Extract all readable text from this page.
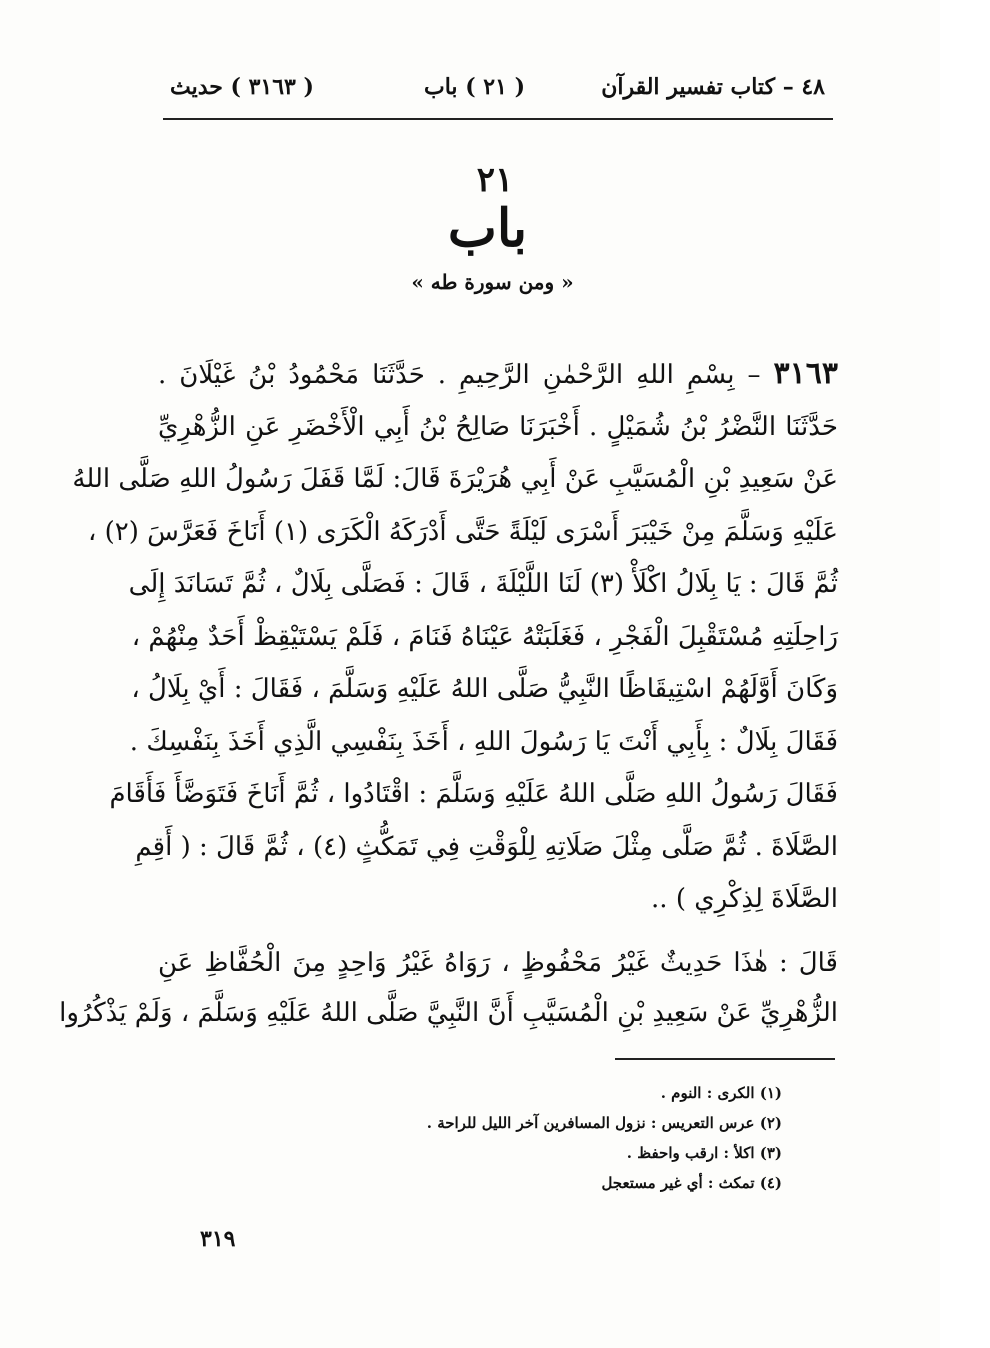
٤٨ – كتاب تفسير القرآن
( ٢١ ) باب
( ٣١٦٣ ) حديث
٢١
باب
« ومن سورة طه »
٣١٦٣ – بِسْمِ اللهِ الرَّحْمٰنِ الرَّحِيمِ . حَدَّثَنَا مَحْمُودُ بْنُ غَيْلَانَ .
حَدَّثَنَا النَّضْرُ بْنُ شُمَيْلٍ . أَخْبَرَنَا صَالِحُ بْنُ أَبِي الْأَخْضَرِ عَنِ الزُّهْرِيِّ
عَنْ سَعِيدِ بْنِ الْمُسَيَّبِ عَنْ أَبِي هُرَيْرَةَ قَالَ: لَمَّا قَفَلَ رَسُولُ اللهِ صَلَّى اللهُ
عَلَيْهِ وَسَلَّمَ مِنْ خَيْبَرَ أَسْرَى لَيْلَةً حَتَّى أَدْرَكَهُ الْكَرَى (١) أَنَاخَ فَعَرَّسَ (٢) ،
ثُمَّ قَالَ : يَا بِلَالُ اكْلَأْ (٣) لَنَا اللَّيْلَةَ ، قَالَ : فَصَلَّى بِلَالٌ ، ثُمَّ تَسَانَدَ إِلَى
رَاحِلَتِهِ مُسْتَقْبِلَ الْفَجْرِ ، فَغَلَبَتْهُ عَيْنَاهُ فَنَامَ ، فَلَمْ يَسْتَيْقِظْ أَحَدٌ مِنْهُمْ ،
وَكَانَ أَوَّلَهُمْ اسْتِيقَاظًا النَّبِيُّ صَلَّى اللهُ عَلَيْهِ وَسَلَّمَ ، فَقَالَ : أَيْ بِلَالُ ،
فَقَالَ بِلَالٌ : بِأَبِي أَنْتَ يَا رَسُولَ اللهِ ، أَخَذَ بِنَفْسِي الَّذِي أَخَذَ بِنَفْسِكَ .
فَقَالَ رَسُولُ اللهِ صَلَّى اللهُ عَلَيْهِ وَسَلَّمَ : اقْتَادُوا ، ثُمَّ أَنَاخَ فَتَوَضَّأَ فَأَقَامَ
الصَّلَاةَ . ثُمَّ صَلَّى مِثْلَ صَلَاتِهِ لِلْوَقْتِ فِي تَمَكُّثٍ (٤) ، ثُمَّ قَالَ : ( أَقِمِ
الصَّلَاةَ لِذِكْرِي ) ..
قَالَ : هٰذَا حَدِيثٌ غَيْرُ مَحْفُوظٍ ، رَوَاهُ غَيْرُ وَاحِدٍ مِنَ الْحُفَّاظِ عَنِ
الزُّهْرِيِّ عَنْ سَعِيدِ بْنِ الْمُسَيَّبِ أَنَّ النَّبِيَّ صَلَّى اللهُ عَلَيْهِ وَسَلَّمَ ، وَلَمْ يَذْكُرُوا
(١) الكرى : النوم .
(٢) عرس التعريس : نزول المسافرين آخر الليل للراحة .
(٣) اكلأ : ارقب واحفظ .
(٤) تمكث : أي غير مستعجل
٣١٩
